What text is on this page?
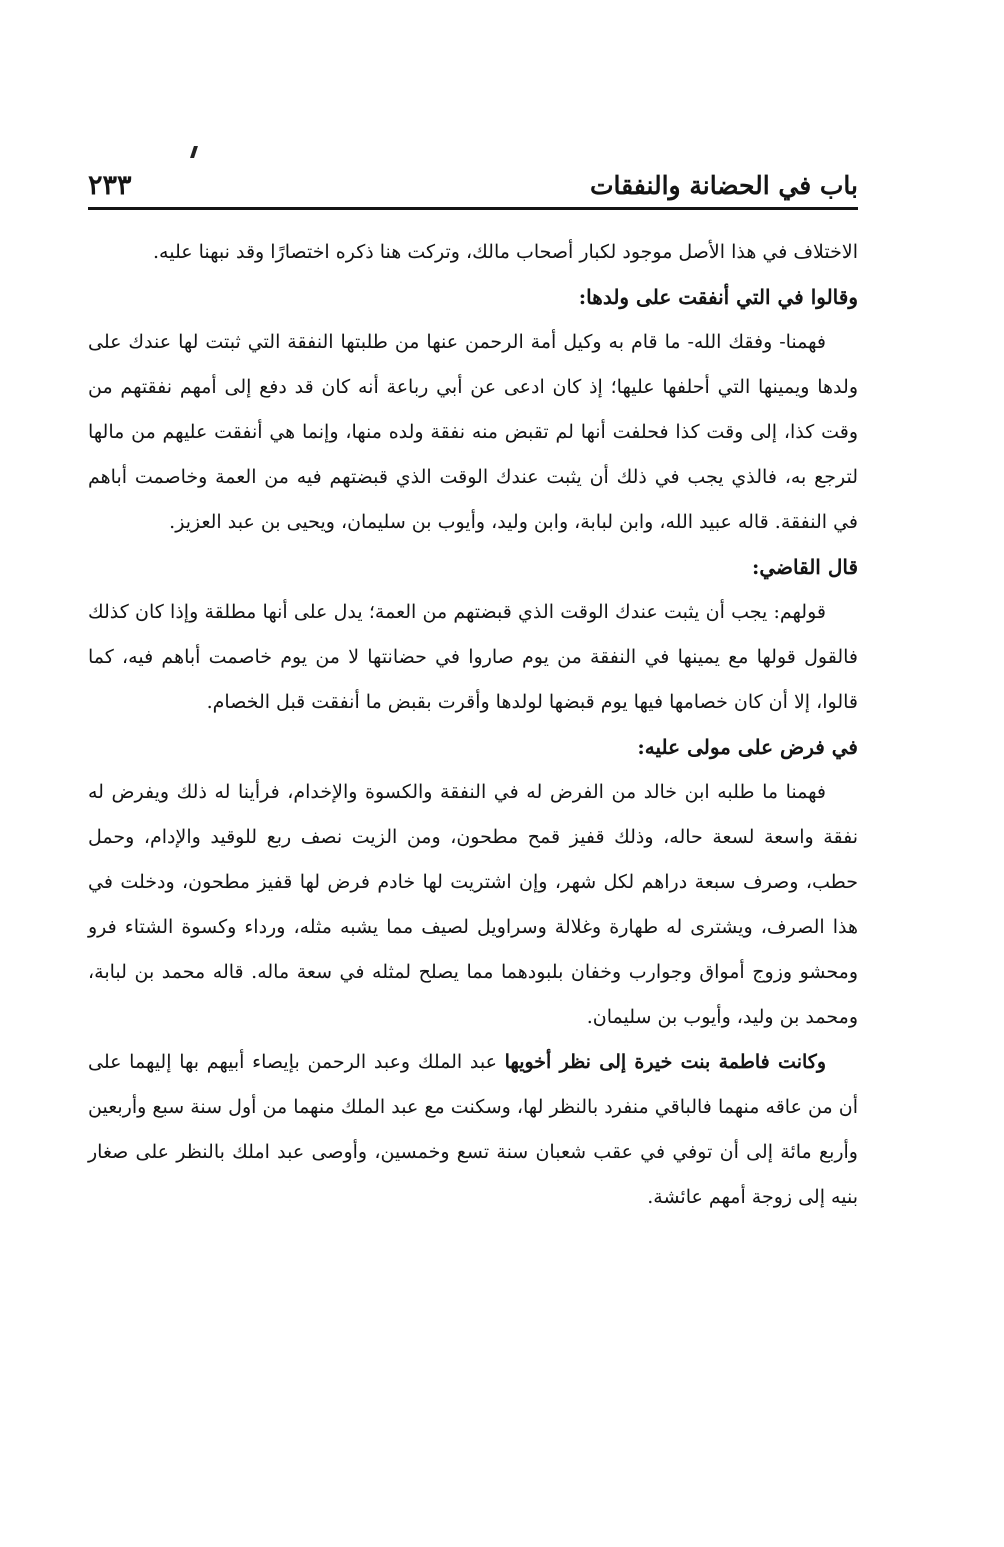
باب في الحضانة والنفقات
٢٣٣

الاختلاف في هذا الأصل موجود لكبار أصحاب مالك، وتركت هنا ذكره اختصارًا وقد نبهنا عليه.

وقالوا في التي أنفقت على ولدها:

فهمنا- وفقك الله- ما قام به وكيل أمة الرحمن عنها من طلبتها النفقة التي ثبتت لها عندك على ولدها ويمينها التي أحلفها عليها؛ إذ كان ادعى عن أبي رباعة أنه كان قد دفع إلى أمهم نفقتهم من وقت كذا، إلى وقت كذا فحلفت أنها لم تقبض منه نفقة ولده منها، وإنما هي أنفقت عليهم من مالها لترجع به، فالذي يجب في ذلك أن يثبت عندك الوقت الذي قبضتهم فيه من العمة وخاصمت أباهم في النفقة. قاله عبيد الله، وابن لبابة، وابن وليد، وأيوب بن سليمان، ويحيى بن عبد العزيز.

قال القاضي:

قولهم: يجب أن يثبت عندك الوقت الذي قبضتهم من العمة؛ يدل على أنها مطلقة وإذا كان كذلك فالقول قولها مع يمينها في النفقة من يوم صاروا في حضانتها لا من يوم خاصمت أباهم فيه، كما قالوا، إلا أن كان خصامها فيها يوم قبضها لولدها وأقرت بقبض ما أنفقت قبل الخصام.

في فرض على مولى عليه:

فهمنا ما طلبه ابن خالد من الفرض له في النفقة والكسوة والإخدام، فرأينا له ذلك ويفرض له نفقة واسعة لسعة حاله، وذلك قفيز قمح مطحون، ومن الزيت نصف ربع للوقيد والإدام، وحمل حطب، وصرف سبعة دراهم لكل شهر، وإن اشتريت لها خادم فرض لها قفيز مطحون، ودخلت في هذا الصرف، ويشترى له طهارة وغلالة وسراويل لصيف مما يشبه مثله، ورداء وكسوة الشتاء فرو ومحشو وزوج أمواق وجوارب وخفان بلبودهما مما يصلح لمثله في سعة ماله. قاله محمد بن لبابة، ومحمد بن وليد، وأيوب بن سليمان.

وكانت فاطمة بنت خيرة إلى نظر أخويها عبد الملك وعبد الرحمن بإيصاء أبيهم بها إليهما على أن من عاقه منهما فالباقي منفرد بالنظر لها، وسكنت مع عبد الملك منهما من أول سنة سبع وأربعين وأربع مائة إلى أن توفي في عقب شعبان سنة تسع وخمسين، وأوصى عبد املك بالنظر على صغار بنيه إلى زوجة أمهم عائشة.
